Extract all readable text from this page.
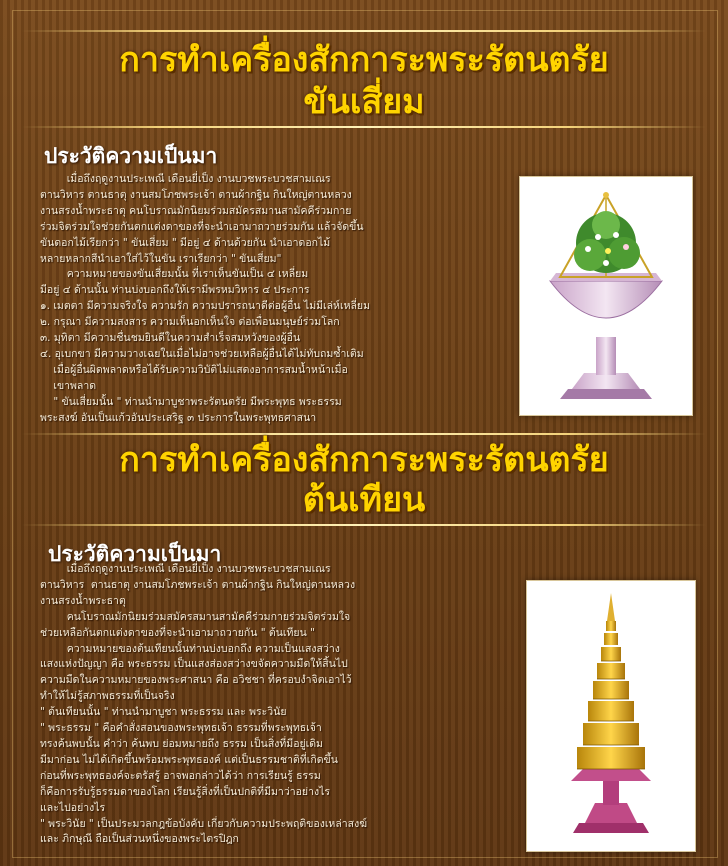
การทำเครื่องสักการะพระรัตนตรัย
ขันเสี่ยม
ประวัติความเป็นมา
เมื่อถึงฤดูงานประเพณี เดือนยี่เป็ง งานบวชพระบวชสามเณร
ตานวิหาร ตานธาตุ งานสมโภชพระเจ้า ตานผ้ากฐิน กินใหญ่ตานหลวง
งานสรงน้ำพระธาตุ คนโบราณมักนิยมร่วมสมัครสมานสามัคคีร่วมกาย
ร่วมจิตร่วมใจช่วยกันตกแต่งดาของที่จะนำเอามาถวายร่วมกัน แล้วจัดขึ้น
ขันดอกไม้เรียกว่า " ขันเสี่ยม " มีอยู่ ๔ ด้านด้วยกัน นำเอาดอกไม้
หลายหลากสีนำเอาใส่ไว้ในขัน เราเรียกว่า " ขันเสี่ยม"
ความหมายของขันเสี่ยมนั้น ที่เราเห็นขันเป็น ๔ เหลี่ยม
มีอยู่ ๔ ด้านนั้น ท่านบ่งบอกถึงให้เรามีพรหมวิหาร ๔ ประการ
๑. เมตตา มีความจริงใจ ความรัก ความปรารถนาดีต่อผู้อื่น ไม่มีเล่ห์เหลี่ยม
๒. กรุณา มีความสงสาร ความเห็นอกเห็นใจ ต่อเพื่อนมนุษย์ร่วมโลก
๓. มุทิตา มีความชื่นชมยินดีในความสำเร็จสมหวังของผู้อื่น
๔. อุเบกขา มีความวางเฉยในเมื่อไม่อาจช่วยเหลือผู้อื่นได้ไม่ทับถมซ้ำเติม
เมื่อผู้อื่นผิดพลาดหรือได้รับความวิบัติไม่แสดงอาการสมน้ำหน้าเมื่อ
เขาพลาด
" ขันเสี่ยมนั้น " ท่านนำมาบูชาพระรัตนตรัย มีพระพุทธ พระธรรม
พระสงฆ์ อันเป็นแก้วอันประเสริฐ ๓ ประการในพระพุทธศาสนา
การทำเครื่องสักการะพระรัตนตรัย
ต้นเทียน
ประวัติความเป็นมา
เมื่อถึงฤดูงานประเพณี เดือนยี่เป็ง งานบวชพระบวชสามเณร
ตานวิหาร  ตานธาตุ งานสมโภชพระเจ้า ตานผ้ากฐิน กินใหญ่ตานหลวง
งานสรงน้ำพระธาตุ
คนโบราณมักนิยมร่วมสมัครสมานสามัคคีร่วมกายร่วมจิตร่วมใจ
ช่วยเหลือกันตกแต่งดาของที่จะนำเอามาถวายกัน " ต้นเทียน "
ความหมายของต้นเทียนนั้นท่านบ่งบอกถึง ความเป็นแสงสว่าง
แสงแห่งปัญญา คือ พระธรรม เป็นแสงส่องสว่างขจัดความมืดให้สิ้นไป
ความมืดในความหมายของพระศาสนา คือ อวิชชา ที่ครอบงำจิตเอาไว้
ทำให้ไม่รู้สภาพธรรมที่เป็นจริง
" ต้นเทียนนั้น " ท่านนำมาบูชา พระธรรม และ พระวินัย
" พระธรรม " คือคำสั่งสอนของพระพุทธเจ้า ธรรมที่พระพุทธเจ้า
ทรงค้นพบนั้น คำว่า ค้นพบ ย่อมหมายถึง ธรรม เป็นสิ่งที่มีอยู่เดิม
มีมาก่อน ไม่ได้เกิดขึ้นพร้อมพระพุทธองค์ แต่เป็นธรรมชาติที่เกิดขึ้น
ก่อนที่พระพุทธองค์จะตรัสรู้ อาจพอกล่าวได้ว่า การเรียนรู้ ธรรม
ก็คือการรับรู้ธรรมดาของโลก เรียนรู้สิ่งที่เป็นปกติที่มีมาว่าอย่างไร
และไปอย่างไร
" พระวินัย " เป็นประมวลกฎข้อบังคับ เกี่ยวกับความประพฤติของเหล่าสงฆ์
และ ภิกษุณี ถือเป็นส่วนหนึ่งของพระไตรปิฎก
